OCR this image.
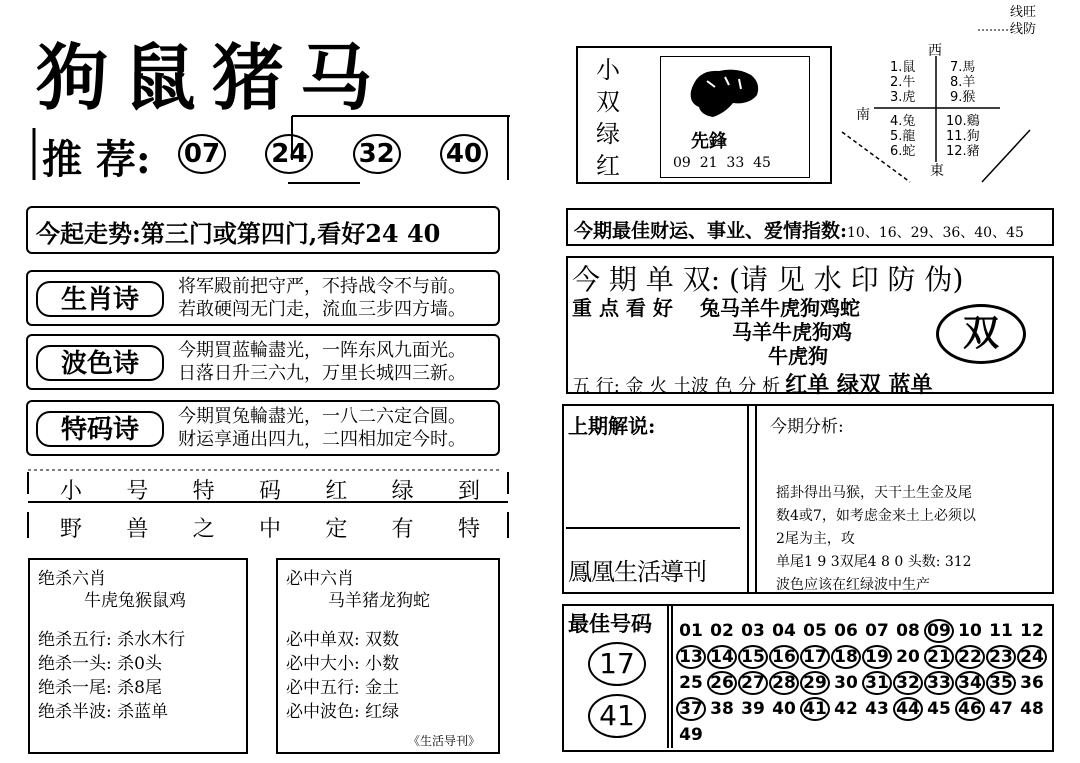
狗鼠猪马
推 荐: 07 24 32 40
今起走势:第三门或第四门,看好24 40
生肖诗	将军殿前把守严，不持战令不与前。
若敢硬闯无门走，流血三步四方墙。
波色诗	今期買蓝輪盡光，一阵东风九面光。
日落日升三六九，万里长城四三新。
特码诗	今期買兔輪盡光，一八二六定合圓。
财运享通出四九，二四相加定今时。
小 号 特 码 红 绿 到
野 兽 之 中 定 有 特
绝杀六肖
牛虎兔猴鼠鸡
绝杀五行: 杀水木行
绝杀一头: 杀0头
绝杀一尾: 杀8尾
绝杀半波: 杀蓝单
必中六肖
马羊猪龙狗蛇
必中单双: 双数
必中大小: 小数
必中五行: 金土
必中波色: 红绿
《生活导刊》
小
双
绿
红
先鋒
09  21  33  45
线旺
线防
西
南
東
1.鼠
2.牛
3.虎
4.兔
5.龍
6.蛇
7.馬
8.羊
9.猴
10.鷄
11.狗
12.豬
今期最佳财运、事业、爱情指数:10、16、29、36、40、45
今 期 单 双: (请 见 水 印 防 伪)
重 点 看 好 兔马羊牛虎狗鸡蛇
马羊牛虎狗鸡
牛虎狗
双
五 行: 金 火 土波 色 分 析 红单 绿双 蓝单
上期解说:	今期分析:
摇卦得出马猴，天干土生金及尾
数4或7，如考虑金来土上必须以
2尾为主，攻
单尾1 9 3双尾4 8 0 头数: 312
波色应该在红绿波中生产
鳳凰生活導刊
最佳号码
17
41
01 02 03 04 05 06 07 08 09 10 11 12
13 14 15 16 17 18 19 20 21 22 23 24
25 26 27 28 29 30 31 32 33 34 35 36
37 38 39 40 41 42 43 44 45 46 47 48
49
